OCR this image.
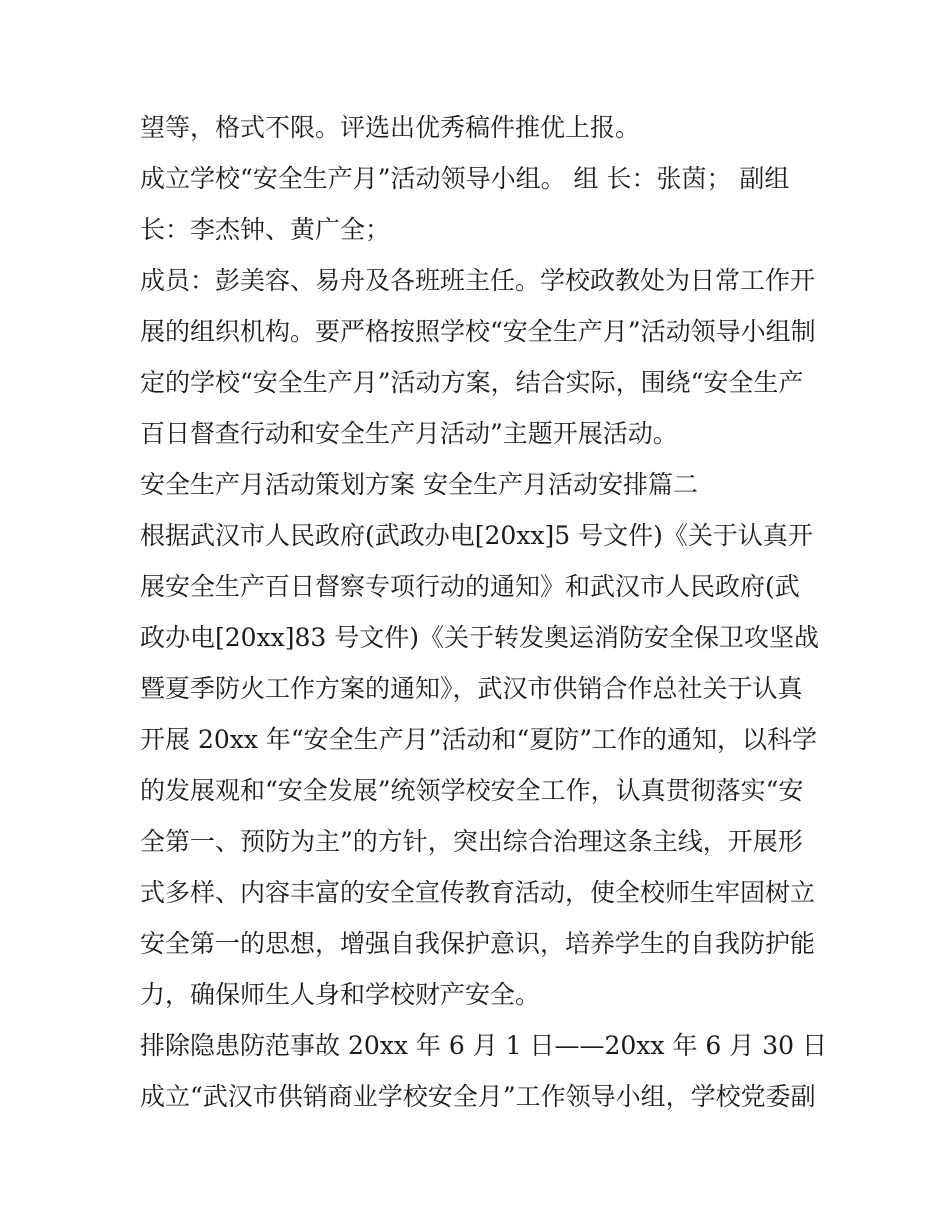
望等，格式不限。评选出优秀稿件推优上报。
成立学校“安全生产月”活动领导小组。 组 长：张茵； 副组
长：李杰钟、黄广全；
成员：彭美容、易舟及各班班主任。学校政教处为日常工作开
展的组织机构。要严格按照学校“安全生产月”活动领导小组制
定的学校“安全生产月”活动方案，结合实际，围绕“安全生产
百日督查行动和安全生产月活动”主题开展活动。
安全生产月活动策划方案 安全生产月活动安排篇二
根据武汉市人民政府(武政办电[20xx]5 号文件)《关于认真开
展安全生产百日督察专项行动的通知》和武汉市人民政府(武
政办电[20xx]83 号文件)《关于转发奥运消防安全保卫攻坚战
暨夏季防火工作方案的通知》，武汉市供销合作总社关于认真
开展 20xx 年“安全生产月”活动和“夏防”工作的通知，以科学
的发展观和“安全发展”统领学校安全工作，认真贯彻落实“安
全第一、预防为主”的方针，突出综合治理这条主线，开展形
式多样、内容丰富的安全宣传教育活动，使全校师生牢固树立
安全第一的思想，增强自我保护意识，培养学生的自我防护能
力，确保师生人身和学校财产安全。
排除隐患防范事故 20xx 年 6 月 1 日——20xx 年 6 月 30 日
成立“武汉市供销商业学校安全月”工作领导小组，学校党委副
